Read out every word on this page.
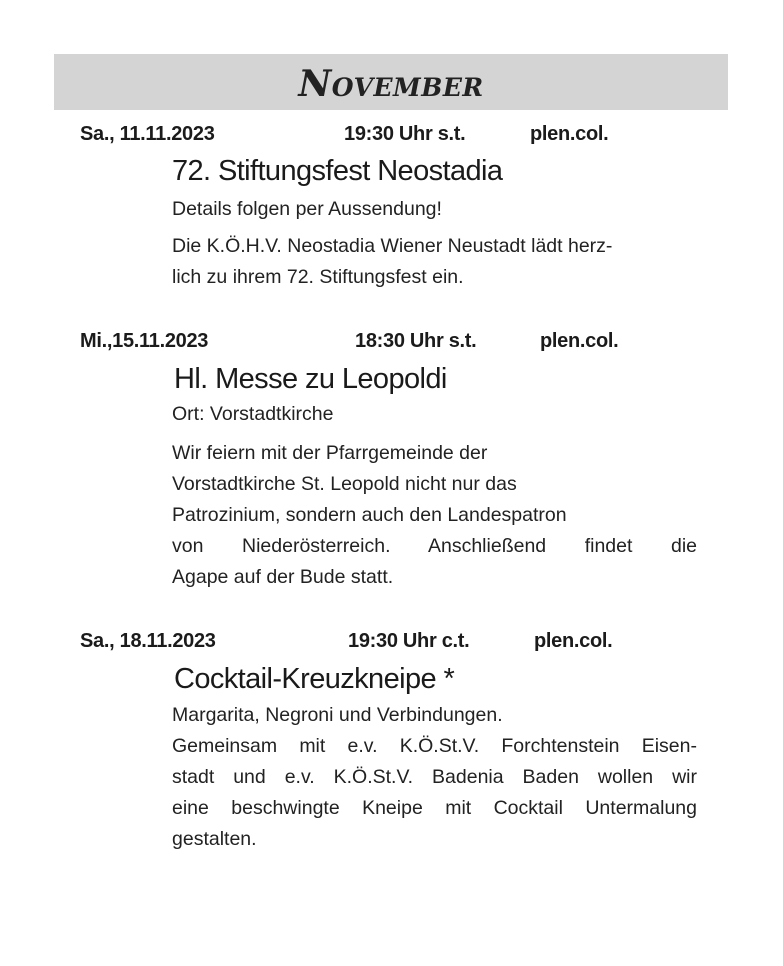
November
Sa., 11.11.2023	19:30 Uhr s.t.	plen.col.
72. Stiftungsfest Neostadia
Details folgen per Aussendung!
Die K.Ö.H.V. Neostadia Wiener Neustadt lädt herz-
lich zu ihrem 72. Stiftungsfest ein.
Mi.,15.11.2023	18:30 Uhr s.t.	plen.col.
Hl. Messe zu Leopoldi
Ort: Vorstadtkirche
Wir feiern mit der Pfarrgemeinde der
Vorstadtkirche St. Leopold nicht nur das
Patrozinium, sondern auch den Landespatron
von Niederösterreich. Anschließend findet die
Agape auf der Bude statt.
Sa., 18.11.2023	19:30 Uhr c.t.	plen.col.
Cocktail-Kreuzkneipe *
Margarita, Negroni und Verbindungen.
Gemeinsam mit e.v. K.Ö.St.V. Forchtenstein Eisen-
stadt und e.v. K.Ö.St.V. Badenia Baden wollen wir
eine beschwingte Kneipe mit Cocktail Untermalung
gestalten.
